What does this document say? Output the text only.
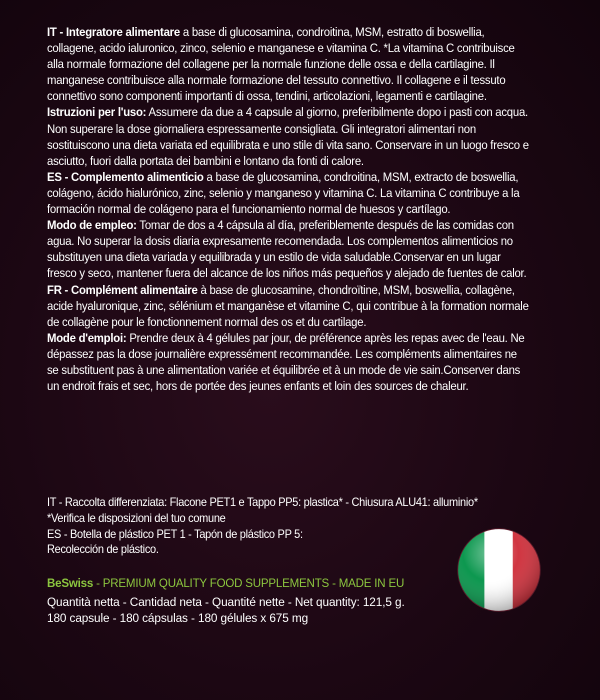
IT - Integratore alimentare a base di glucosamina, condroitina, MSM, estratto di boswellia, collagene, acido ialuronico, zinco, selenio e manganese e vitamina C. *La vitamina C contribuisce alla normale formazione del collagene per la normale funzione delle ossa e della cartilagine. Il manganese contribuisce alla normale formazione del tessuto connettivo. Il collagene e il tessuto connettivo sono componenti importanti di ossa, tendini, articolazioni, legamenti e cartilagine.

Istruzioni per l'uso: Assumere da due a 4 capsule al giorno, preferibilmente dopo i pasti con acqua. Non superare la dose giornaliera espressamente consigliata. Gli integratori alimentari non sostituiscono una dieta variata ed equilibrata e uno stile di vita sano. Conservare in un luogo fresco e asciutto, fuori dalla portata dei bambini e lontano da fonti di calore.

ES - Complemento alimenticio a base de glucosamina, condroitina, MSM, extracto de boswellia, colágeno, ácido hialurónico, zinc, selenio y manganeso y vitamina C. La vitamina C contribuye a la formación normal de colágeno para el funcionamiento normal de huesos y cartílago.

Modo de empleo: Tomar de dos a 4 cápsula al día, preferiblemente después de las comidas con agua. No superar la dosis diaria expresamente recomendada. Los complementos alimenticios no substituyen una dieta variada y equilibrada y un estilo de vida saludable.Conservar en un lugar fresco y seco, mantener fuera del alcance de los niños más pequeños y alejado de fuentes de calor.

FR - Complément alimentaire à base de glucosamine, chondroïtine, MSM, boswellia, collagène, acide hyaluronique, zinc, sélénium et manganèse et vitamine C, qui contribue à la formation normale de collagène pour le fonctionnement normal des os et du cartilage.

Mode d'emploi: Prendre deux à 4 gélules par jour, de préférence après les repas avec de l'eau. Ne dépassez pas la dose journalière expressément recommandée. Les compléments alimentaires ne se substituent pas à une alimentation variée et équilibrée et à un mode de vie sain.Conserver dans un endroit frais et sec, hors de portée des jeunes enfants et loin des sources de chaleur.

IT - Raccolta differenziata: Flacone PET1 e Tappo PP5: plastica* - Chiusura ALU41: alluminio*
*Verifica le disposizioni del tuo comune
ES - Botella de plástico PET 1 - Tapón de plástico PP 5:
Recolección de plástico.
BeSwiss - PREMIUM QUALITY FOOD SUPPLEMENTS - MADE IN EU
Quantità netta - Cantidad neta - Quantité nette - Net quantity: 121,5 g.
180 capsule - 180 cápsulas - 180 gélules x 675 mg
